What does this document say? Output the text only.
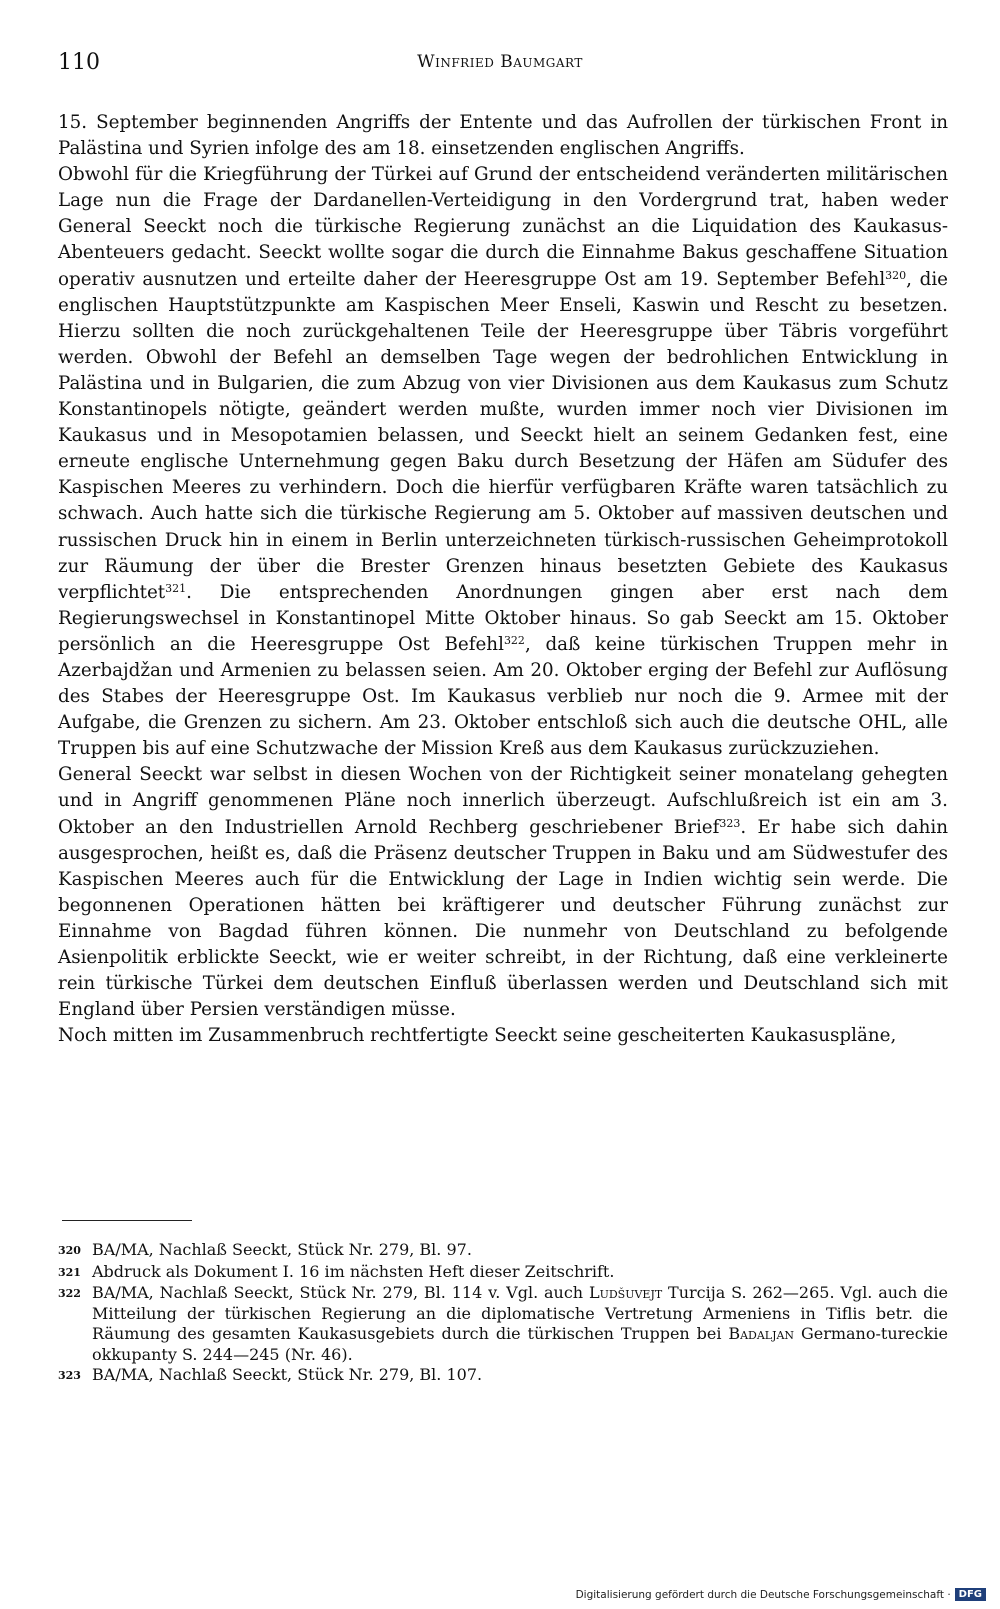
110	Winfried Baumgart

15. September beginnenden Angriffs der Entente und das Aufrollen der türkischen Front in Palästina und Syrien infolge des am 18. einsetzenden englischen Angriffs.

Obwohl für die Kriegführung der Türkei auf Grund der entscheidend veränderten militärischen Lage nun die Frage der Dardanellen-Verteidigung in den Vordergrund trat, haben weder General Seeckt noch die türkische Regierung zunächst an die Liquidation des Kaukasus-Abenteuers gedacht. Seeckt wollte sogar die durch die Einnahme Bakus geschaffene Situation operativ ausnutzen und erteilte daher der Heeresgruppe Ost am 19. September Befehl$^{320}$, die englischen Hauptstützpunkte am Kaspischen Meer Enseli, Kaswin und Rescht zu besetzen. Hierzu sollten die noch zurückgehaltenen Teile der Heeresgruppe über Täbris vorgeführt werden. Obwohl der Befehl an demselben Tage wegen der bedrohlichen Entwicklung in Palästina und in Bulgarien, die zum Abzug von vier Divisionen aus dem Kaukasus zum Schutz Konstantinopels nötigte, geändert werden mußte, wurden immer noch vier Divisionen im Kaukasus und in Mesopotamien belassen, und Seeckt hielt an seinem Gedanken fest, eine erneute englische Unternehmung gegen Baku durch Besetzung der Häfen am Südufer des Kaspischen Meeres zu verhindern. Doch die hierfür verfügbaren Kräfte waren tatsächlich zu schwach. Auch hatte sich die türkische Regierung am 5. Oktober auf massiven deutschen und russischen Druck hin in einem in Berlin unterzeichneten türkisch-russischen Geheimprotokoll zur Räumung der über die Brester Grenzen hinaus besetzten Gebiete des Kaukasus verpflichtet$^{321}$. Die entsprechenden Anordnungen gingen aber erst nach dem Regierungswechsel in Konstantinopel Mitte Oktober hinaus. So gab Seeckt am 15. Oktober persönlich an die Heeresgruppe Ost Befehl$^{322}$, daß keine türkischen Truppen mehr in Azerbajdžan und Armenien zu belassen seien. Am 20. Oktober erging der Befehl zur Auflösung des Stabes der Heeresgruppe Ost. Im Kaukasus verblieb nur noch die 9. Armee mit der Aufgabe, die Grenzen zu sichern. Am 23. Oktober entschloß sich auch die deutsche OHL, alle Truppen bis auf eine Schutzwache der Mission Kreß aus dem Kaukasus zurückzuziehen.

General Seeckt war selbst in diesen Wochen von der Richtigkeit seiner monatelang gehegten und in Angriff genommenen Pläne noch innerlich überzeugt. Aufschlußreich ist ein am 3. Oktober an den Industriellen Arnold Rechberg geschriebener Brief$^{323}$. Er habe sich dahin ausgesprochen, heißt es, daß die Präsenz deutscher Truppen in Baku und am Südwestufer des Kaspischen Meeres auch für die Entwicklung der Lage in Indien wichtig sein werde. Die begonnenen Operationen hätten bei kräftigerer und deutscher Führung zunächst zur Einnahme von Bagdad führen können. Die nunmehr von Deutschland zu befolgende Asienpolitik erblickte Seeckt, wie er weiter schreibt, in der Richtung, daß eine verkleinerte rein türkische Türkei dem deutschen Einfluß überlassen werden und Deutschland sich mit England über Persien verständigen müsse.

Noch mitten im Zusammenbruch rechtfertigte Seeckt seine gescheiterten Kaukasuspläne,

320 BA/MA, Nachlaß Seeckt, Stück Nr. 279, Bl. 97.
321 Abdruck als Dokument I. 16 im nächsten Heft dieser Zeitschrift.
322 BA/MA, Nachlaß Seeckt, Stück Nr. 279, Bl. 114 v. Vgl. auch Ludšuvejt Turcija S. 262—265. Vgl. auch die Mitteilung der türkischen Regierung an die diplomatische Vertretung Armeniens in Tiflis betr. die Räumung des gesamten Kaukasusgebiets durch die türkischen Truppen bei Badaljan Germano-tureckie okkupanty S. 244—245 (Nr. 46).
323 BA/MA, Nachlaß Seeckt, Stück Nr. 279, Bl. 107.
Digitalisierung gefördert durch die Deutsche Forschungsgemeinschaft · DFG
